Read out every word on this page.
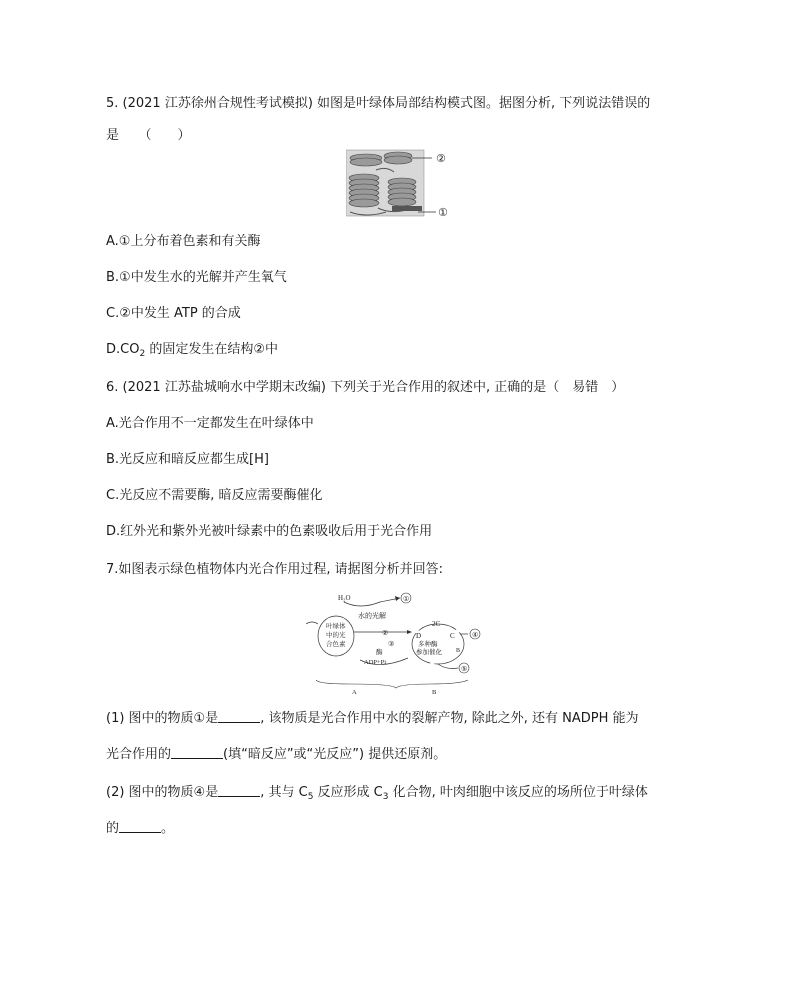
5. (2021 江苏徐州合规性考试模拟) 如图是叶绿体局部结构模式图。据图分析, 下列说法错误的
是　　（　　）
②
①
A.①上分布着色素和有关酶
B.①中发生水的光解并产生氧气
C.②中发生 ATP 的合成
$D.CO_2$ 的固定发生在结构②中
6. (2021 江苏盐城响水中学期末改编) 下列关于光合作用的叙述中, 正确的是（　易错　）
A.光合作用不一定都发生在叶绿体中
B.光反应和暗反应都生成[H]
C.光反应不需要酶, 暗反应需要酶催化
D.红外光和紫外光被叶绿素中的色素吸收后用于光合作用
7.如图表示绿色植物体内光合作用过程, 请据图分析并回答:
H₂O	①
水的光解
叶绿体
中的光
合色素
②
③
酶
ADP+Pi
2C
D
多种酶
参加催化
C
B
④
⑤
A	B
(1) 图中的物质①是	, 该物质是光合作用中水的裂解产物, 除此之外, 还有 NADPH 能为
光合作用的	(填“暗反应”或“光反应”) 提供还原剂。
(2) 图中的物质④是	, 其与 $C_5$ 反应形成 $C_3$ 化合物, 叶肉细胞中该反应的场所位于叶绿体
的	。
